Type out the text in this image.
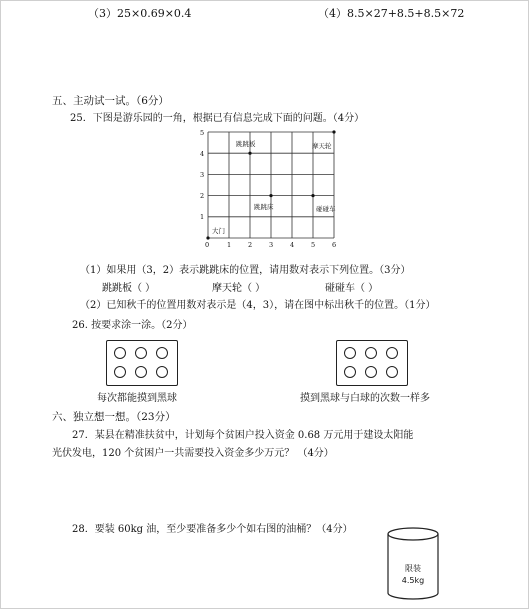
（3）25×0.69×0.4	（4）8.5×27+8.5+8.5×72
五、主动试一试。（6分）
25．下图是游乐园的一角，根据已有信息完成下面的问题。（4分）
0	1	2	3	4	5	6
1
2
3
4
5
跳跳板	摩天轮
跳跳床	碰碰车
大门
（1）如果用（3，2）表示跳跳床的位置，请用数对表示下列位置。（3分）
跳跳板（ ）	摩天轮（ ）	碰碰车（ ）
（2）已知秋千的位置用数对表示是（4，3），请在图中标出秋千的位置。（1分）
26. 按要求涂一涂。（2分）
每次都能摸到黑球	摸到黑球与白球的次数一样多
六、独立想一想。（23分）
27．某县在精准扶贫中，计划每个贫困户投入资金 0.68 万元用于建设太阳能
光伏发电，120 个贫困户一共需要投入资金多少万元？ （4分）
28．要装 60kg 油，至少要准备多少个如右图的油桶？（4分）
限装
4.5kg
